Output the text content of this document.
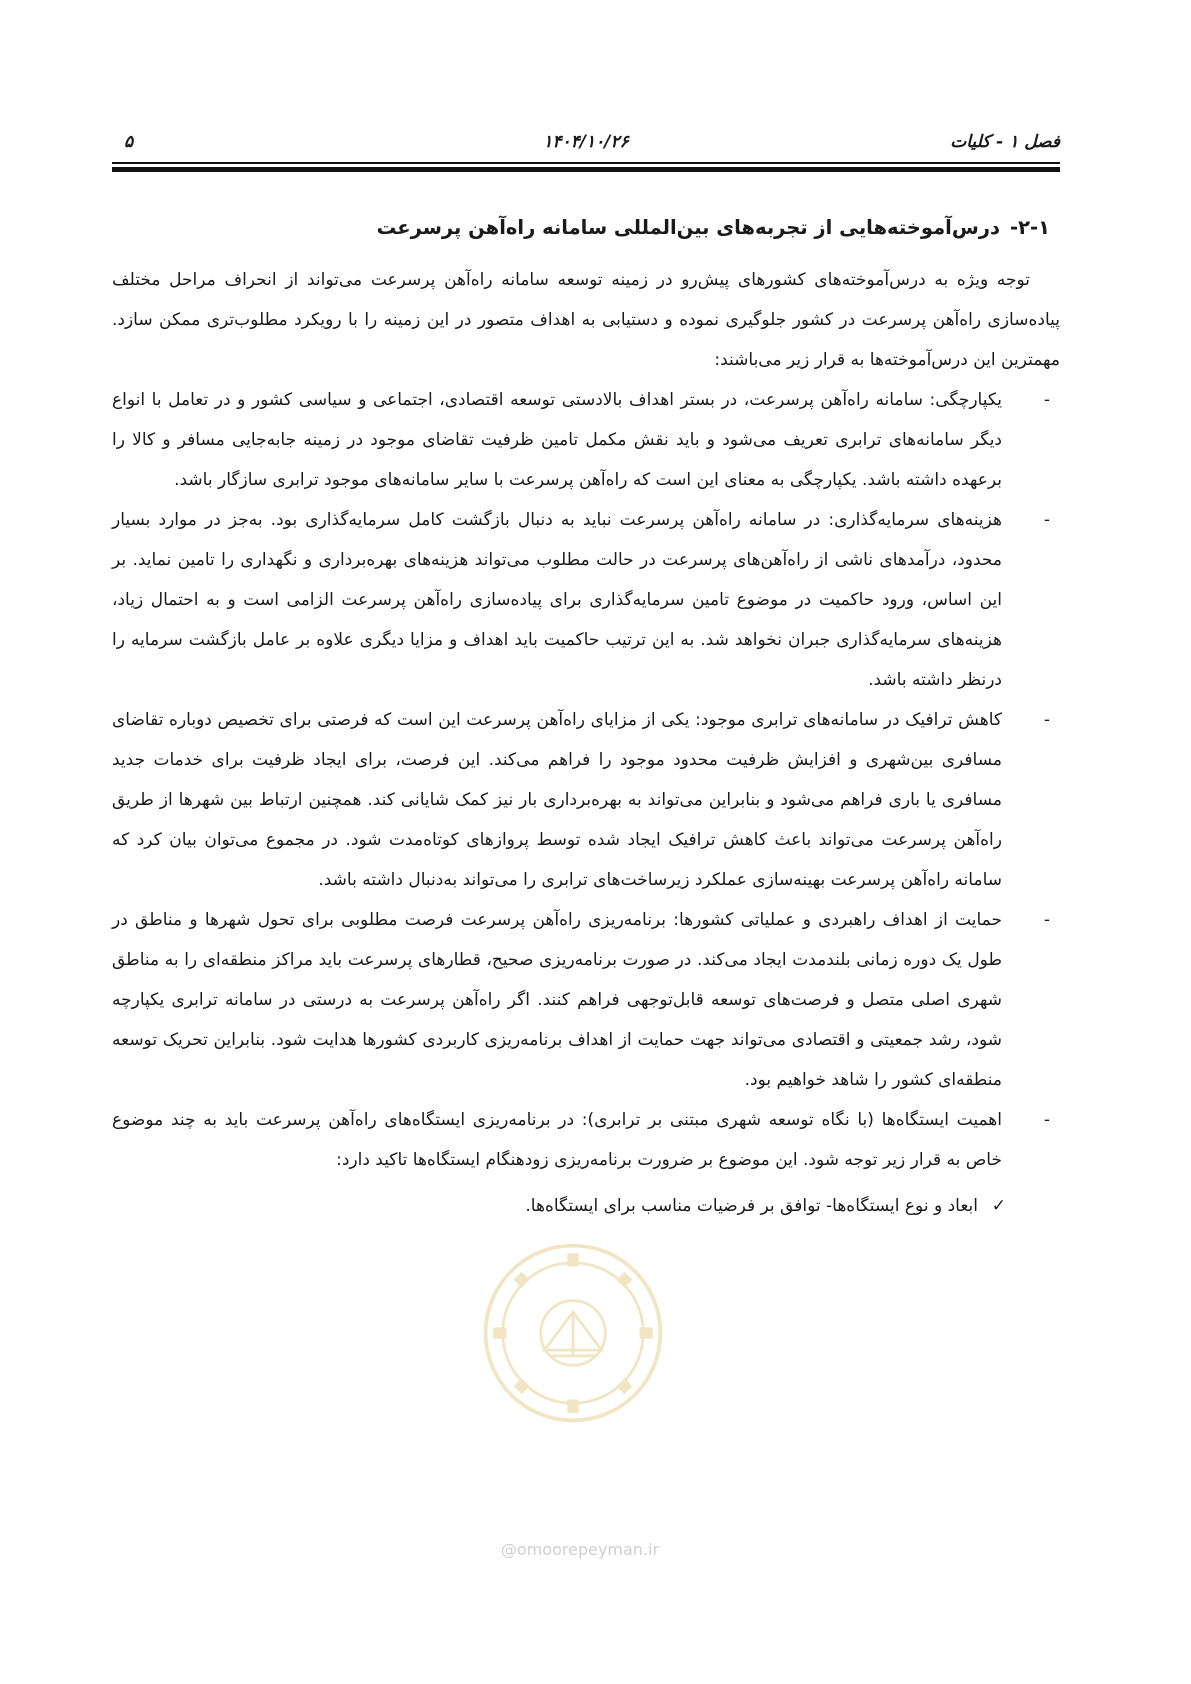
فصل ۱ - کلیات
۱۴۰۴/۱۰/۲۶
۵
۲-۱-درس‌آموخته‌هایی از تجربه‌های بین‌المللی سامانه راه‌آهن پرسرعت

توجه ویژه به درس‌آموخته‌های کشورهای پیش‌رو در زمینه توسعه سامانه راه‌آهن پرسرعت می‌تواند از انحراف مراحل مختلف پیاده‌سازی راه‌آهن پرسرعت در کشور جلوگیری نموده و دستیابی به اهداف متصور در این زمینه را با رویکرد مطلوب‌تری ممکن سازد. مهمترین این درس‌آموخته‌ها به قرار زیر می‌باشند:

-
یکپارچگی: سامانه راه‌آهن پرسرعت، در بستر اهداف بالادستی توسعه اقتصادی، اجتماعی و سیاسی کشور و در تعامل با انواع دیگر سامانه‌های ترابری تعریف می‌شود و باید نقش مکمل تامین ظرفیت تقاضای موجود در زمینه جابه‌جایی مسافر و کالا را برعهده داشته باشد. یکپارچگی به معنای این است که راه‌آهن پرسرعت با سایر سامانه‌های موجود ترابری سازگار باشد.
-
هزینه‌های سرمایه‌گذاری: در سامانه راه‌آهن پرسرعت نباید به دنبال بازگشت کامل سرمایه‌گذاری بود. به‌جز در موارد بسیار محدود، درآمدهای ناشی از راه‌آهن‌های پرسرعت در حالت مطلوب می‌تواند هزینه‌های بهره‌برداری و نگهداری را تامین نماید. بر این اساس، ورود حاکمیت در موضوع تامین سرمایه‌گذاری برای پیاده‌سازی راه‌آهن پرسرعت الزامی است و به احتمال زیاد، هزینه‌های سرمایه‌گذاری جبران نخواهد شد. به این ترتیب حاکمیت باید اهداف و مزایا دیگری علاوه بر عامل بازگشت سرمایه را درنظر داشته باشد.
-
کاهش ترافیک در سامانه‌های ترابری موجود: یکی از مزایای راه‌آهن پرسرعت این است که فرصتی برای تخصیص دوباره تقاضای مسافری بین‌شهری و افزایش ظرفیت محدود موجود را فراهم می‌کند. این فرصت، برای ایجاد ظرفیت برای خدمات جدید مسافری یا باری فراهم می‌شود و بنابراین می‌تواند به بهره‌برداری بار نیز کمک شایانی کند. همچنین ارتباط بین شهرها از طریق راه‌آهن پرسرعت می‌تواند باعث کاهش ترافیک ایجاد شده توسط پروازهای کوتاه‌مدت شود. در مجموع می‌توان بیان کرد که سامانه راه‌آهن پرسرعت بهینه‌سازی عملکرد زیرساخت‌های ترابری را می‌تواند به‌دنبال داشته باشد.
-
حمایت از اهداف راهبردی و عملیاتی کشورها: برنامه‌ریزی راه‌آهن پرسرعت فرصت مطلوبی برای تحول شهرها و مناطق در طول یک دوره زمانی بلندمدت ایجاد می‌کند. در صورت برنامه‌ریزی صحیح، قطارهای پرسرعت باید مراکز منطقه‌ای را به مناطق شهری اصلی متصل و فرصت‌های توسعه قابل‌توجهی فراهم کنند. اگر راه‌آهن پرسرعت به درستی در سامانه ترابری یکپارچه شود، رشد جمعیتی و اقتصادی می‌تواند جهت حمایت از اهداف برنامه‌ریزی کاربردی کشورها هدایت شود. بنابراین تحریک توسعه منطقه‌ای کشور را شاهد خواهیم بود.
-
اهمیت ایستگاه‌ها (با نگاه توسعه شهری مبتنی بر ترابری): در برنامه‌ریزی ایستگاه‌های راه‌آهن پرسرعت باید به چند موضوع خاص به قرار زیر توجه شود. این موضوع بر ضرورت برنامه‌ریزی زودهنگام ایستگاه‌ها تاکید دارد:
✓
ابعاد و نوع ایستگاه‌ها- توافق بر فرضیات مناسب برای ایستگاه‌ها.
@omoorepeyman.ir
